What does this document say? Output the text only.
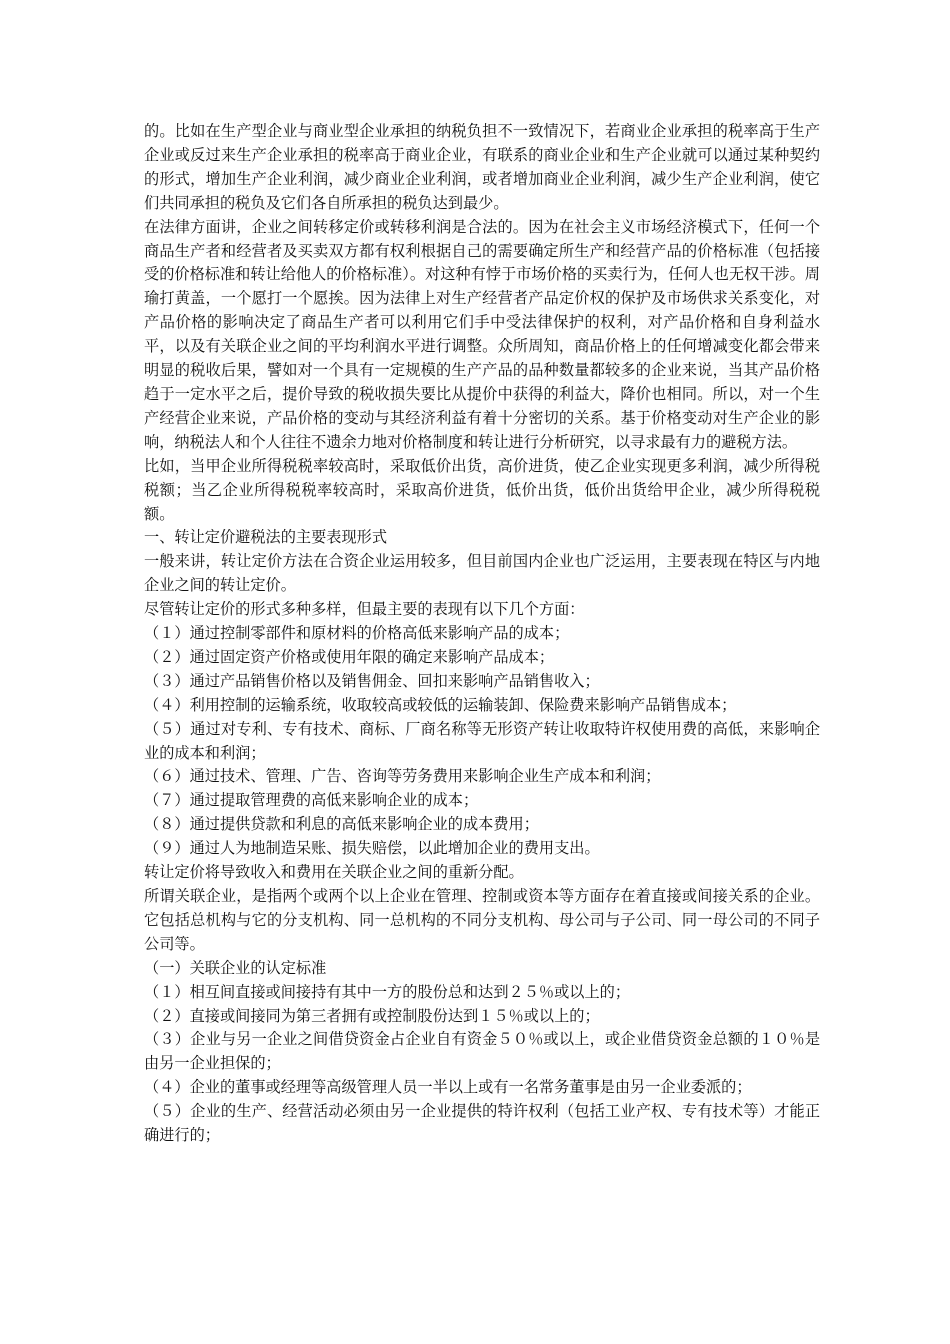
的。比如在生产型企业与商业型企业承担的纳税负担不一致情况下，若商业企业承担的税率高于生产企业或反过来生产企业承担的税率高于商业企业，有联系的商业企业和生产企业就可以通过某种契约的形式，增加生产企业利润，减少商业企业利润，或者增加商业企业利润，减少生产企业利润，使它们共同承担的税负及它们各自所承担的税负达到最少。

在法律方面讲，企业之间转移定价或转移利润是合法的。因为在社会主义市场经济模式下，任何一个商品生产者和经营者及买卖双方都有权利根据自己的需要确定所生产和经营产品的价格标准（包括接受的价格标准和转让给他人的价格标准）。对这种有悖于市场价格的买卖行为，任何人也无权干涉。周瑜打黄盖，一个愿打一个愿挨。因为法律上对生产经营者产品定价权的保护及市场供求关系变化，对产品价格的影响决定了商品生产者可以利用它们手中受法律保护的权利，对产品价格和自身利益水平，以及有关联企业之间的平均利润水平进行调整。众所周知，商品价格上的任何增减变化都会带来明显的税收后果，譬如对一个具有一定规模的生产产品的品种数量都较多的企业来说，当其产品价格趋于一定水平之后，提价导致的税收损失要比从提价中获得的利益大，降价也相同。所以，对一个生产经营企业来说，产品价格的变动与其经济利益有着十分密切的关系。基于价格变动对生产企业的影响，纳税法人和个人往往不遗余力地对价格制度和转让进行分析研究，以寻求最有力的避税方法。

比如，当甲企业所得税税率较高时，采取低价出货，高价进货，使乙企业实现更多利润，减少所得税税额；当乙企业所得税税率较高时，采取高价进货，低价出货，低价出货给甲企业，减少所得税税额。

一、转让定价避税法的主要表现形式

一般来讲，转让定价方法在合资企业运用较多，但目前国内企业也广泛运用，主要表现在特区与内地企业之间的转让定价。

尽管转让定价的形式多种多样，但最主要的表现有以下几个方面：

（１）通过控制零部件和原材料的价格高低来影响产品的成本；

（２）通过固定资产价格或使用年限的确定来影响产品成本；

（３）通过产品销售价格以及销售佣金、回扣来影响产品销售收入；

（４）利用控制的运输系统，收取较高或较低的运输装卸、保险费来影响产品销售成本；

（５）通过对专利、专有技术、商标、厂商名称等无形资产转让收取特许权使用费的高低，来影响企业的成本和利润；

（６）通过技术、管理、广告、咨询等劳务费用来影响企业生产成本和利润；

（７）通过提取管理费的高低来影响企业的成本；

（８）通过提供贷款和利息的高低来影响企业的成本费用；

（９）通过人为地制造呆账、损失赔偿，以此增加企业的费用支出。

转让定价将导致收入和费用在关联企业之间的重新分配。

所谓关联企业，是指两个或两个以上企业在管理、控制或资本等方面存在着直接或间接关系的企业。它包括总机构与它的分支机构、同一总机构的不同分支机构、母公司与子公司、同一母公司的不同子公司等。

（一）关联企业的认定标准

（１）相互间直接或间接持有其中一方的股份总和达到２５％或以上的；

（２）直接或间接同为第三者拥有或控制股份达到１５％或以上的；

（３）企业与另一企业之间借贷资金占企业自有资金５０％或以上，或企业借贷资金总额的１０％是由另一企业担保的；

（４）企业的董事或经理等高级管理人员一半以上或有一名常务董事是由另一企业委派的；

（５）企业的生产、经营活动必须由另一企业提供的特许权利（包括工业产权、专有技术等）才能正确进行的；
